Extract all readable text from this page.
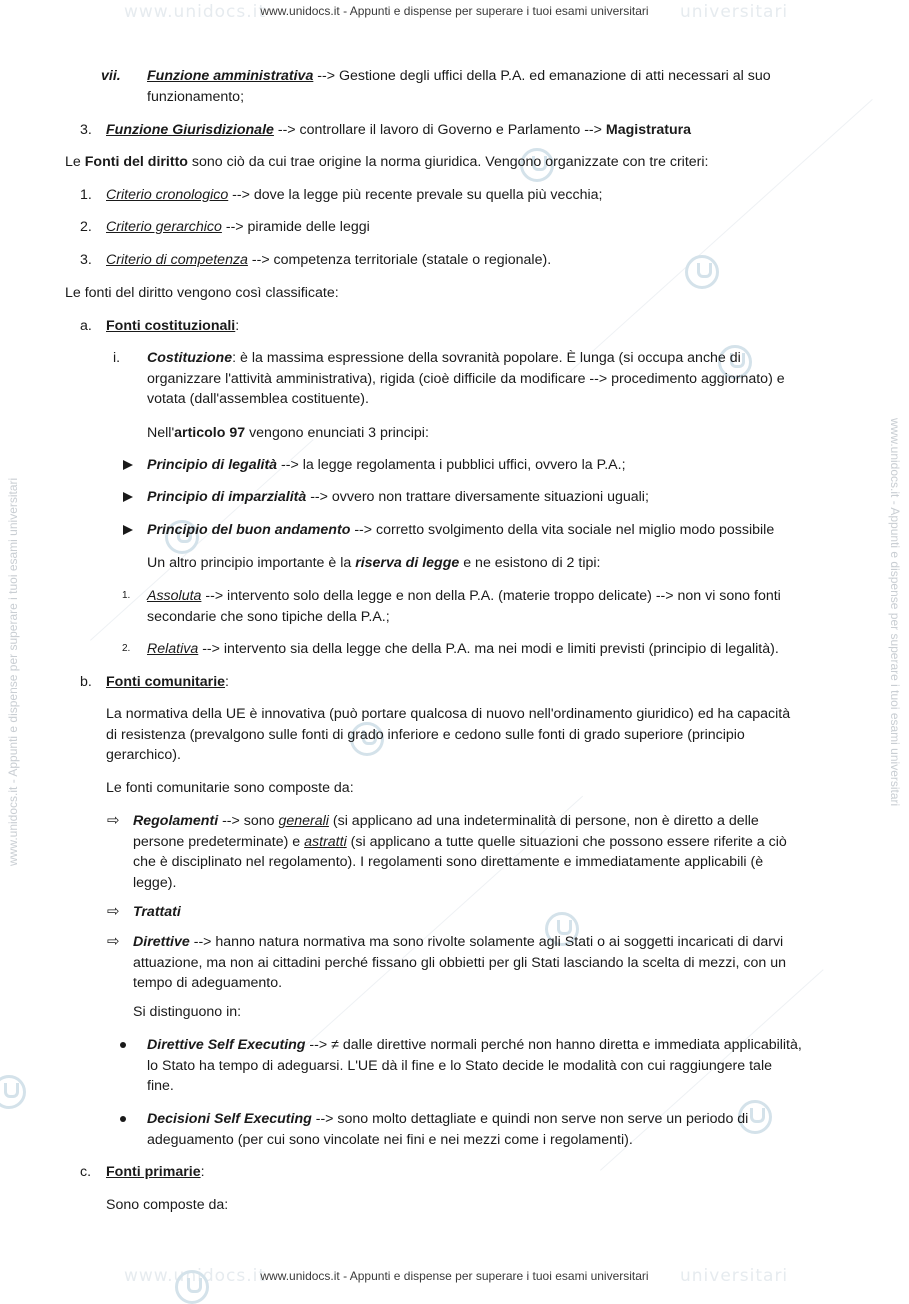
www.unidocs.it	universitari
www.unidocs.it - Appunti e dispense per superare i tuoi esami universitari
www.unidocs.it	universitari
www.unidocs.it - Appunti e dispense per superare i tuoi esami universitari
www.unidocs.it - Appunti e dispense per superare i tuoi esami universitari	www.unidocs.it - Appunti e dispense per superare i tuoi esami universitari
vii. Funzione amministrativa --> Gestione degli uffici della P.A. ed emanazione di atti necessari al suo
funzionamento;
3. Funzione Giurisdizionale --> controllare il lavoro di Governo e Parlamento --> Magistratura
Le Fonti del diritto sono ciò da cui trae origine la norma giuridica. Vengono organizzate con tre criteri:
1. Criterio cronologico --> dove la legge più recente prevale su quella più vecchia;
2. Criterio gerarchico --> piramide delle leggi
3. Criterio di competenza --> competenza territoriale (statale o regionale).
Le fonti del diritto vengono così classificate:
a. Fonti costituzionali:
i. Costituzione: è la massima espressione della sovranità popolare. È lunga (si occupa anche di
organizzare l'attività amministrativa), rigida (cioè difficile da modificare --> procedimento aggiornato) e
votata (dall'assemblea costituente).
Nell'articolo 97 vengono enunciati 3 principi:
Principio di legalità --> la legge regolamenta i pubblici uffici, ovvero la P.A.;
Principio di imparzialità --> ovvero non trattare diversamente situazioni uguali;
Principio del buon andamento --> corretto svolgimento della vita sociale nel miglio modo possibile
Un altro principio importante è la riserva di legge e ne esistono di 2 tipi:
1. Assoluta --> intervento solo della legge e non della P.A. (materie troppo delicate) --> non vi sono fonti
secondarie che sono tipiche della P.A.;
2. Relativa --> intervento sia della legge che della P.A. ma nei modi e limiti previsti (principio di legalità).
b. Fonti comunitarie:
La normativa della UE è innovativa (può portare qualcosa di nuovo nell'ordinamento giuridico) ed ha capacità
di resistenza (prevalgono sulle fonti di grado inferiore e cedono sulle fonti di grado superiore (principio
gerarchico).
Le fonti comunitarie sono composte da:
⇨ Regolamenti --> sono generali (si applicano ad una indeterminalità di persone, non è diretto a delle
persone predeterminate) e astratti (si applicano a tutte quelle situazioni che possono essere riferite a ciò
che è disciplinato nel regolamento). I regolamenti sono direttamente e immediatamente applicabili (è
legge).
⇨ Trattati
⇨ Direttive --> hanno natura normativa ma sono rivolte solamente agli Stati o ai soggetti incaricati di darvi
attuazione, ma non ai cittadini perché fissano gli obbietti per gli Stati lasciando la scelta di mezzi, con un
tempo di adeguamento.
Si distinguono in:
Direttive Self Executing --> ≠ dalle direttive normali perché non hanno diretta e immediata applicabilità,
lo Stato ha tempo di adeguarsi. L'UE dà il fine e lo Stato decide le modalità con cui raggiungere tale
fine.
Decisioni Self Executing --> sono molto dettagliate e quindi non serve non serve un periodo di
adeguamento (per cui sono vincolate nei fini e nei mezzi come i regolamenti).
c. Fonti primarie:
Sono composte da:
